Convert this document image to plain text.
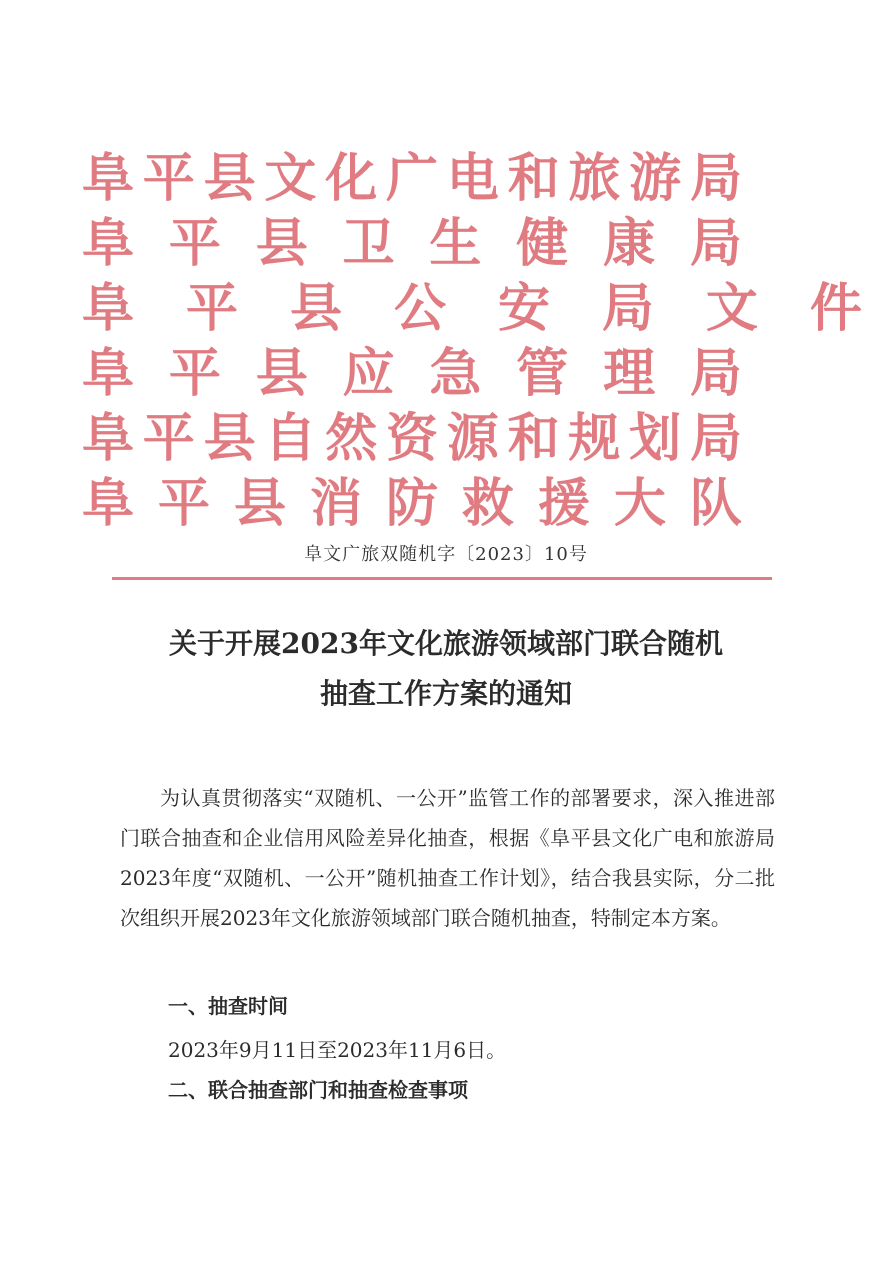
阜 平 县 文 化 广 电 和 旅 游 局
阜 平 县 卫 生 健 康 局
阜 平 县 公 安 局 文 件
阜 平 县 应 急 管 理 局
阜 平 县 自 然 资 源 和 规 划 局
阜 平 县 消 防 救 援 大 队
阜文广旅双随机字〔2023〕10号
关于开展2023年文化旅游领域部门联合随机
抽查工作方案的通知

为认真贯彻落实“双随机、一公开”监管工作的部署要求，深入推进部门联合抽查和企业信用风险差异化抽查，根据《阜平县文化广电和旅游局2023年度“双随机、一公开”随机抽查工作计划》，结合我县实际，分二批次组织开展2023年文化旅游领域部门联合随机抽查，特制定本方案。

一、抽查时间
2023年9月11日至2023年11月6日。
二、联合抽查部门和抽查检查事项
